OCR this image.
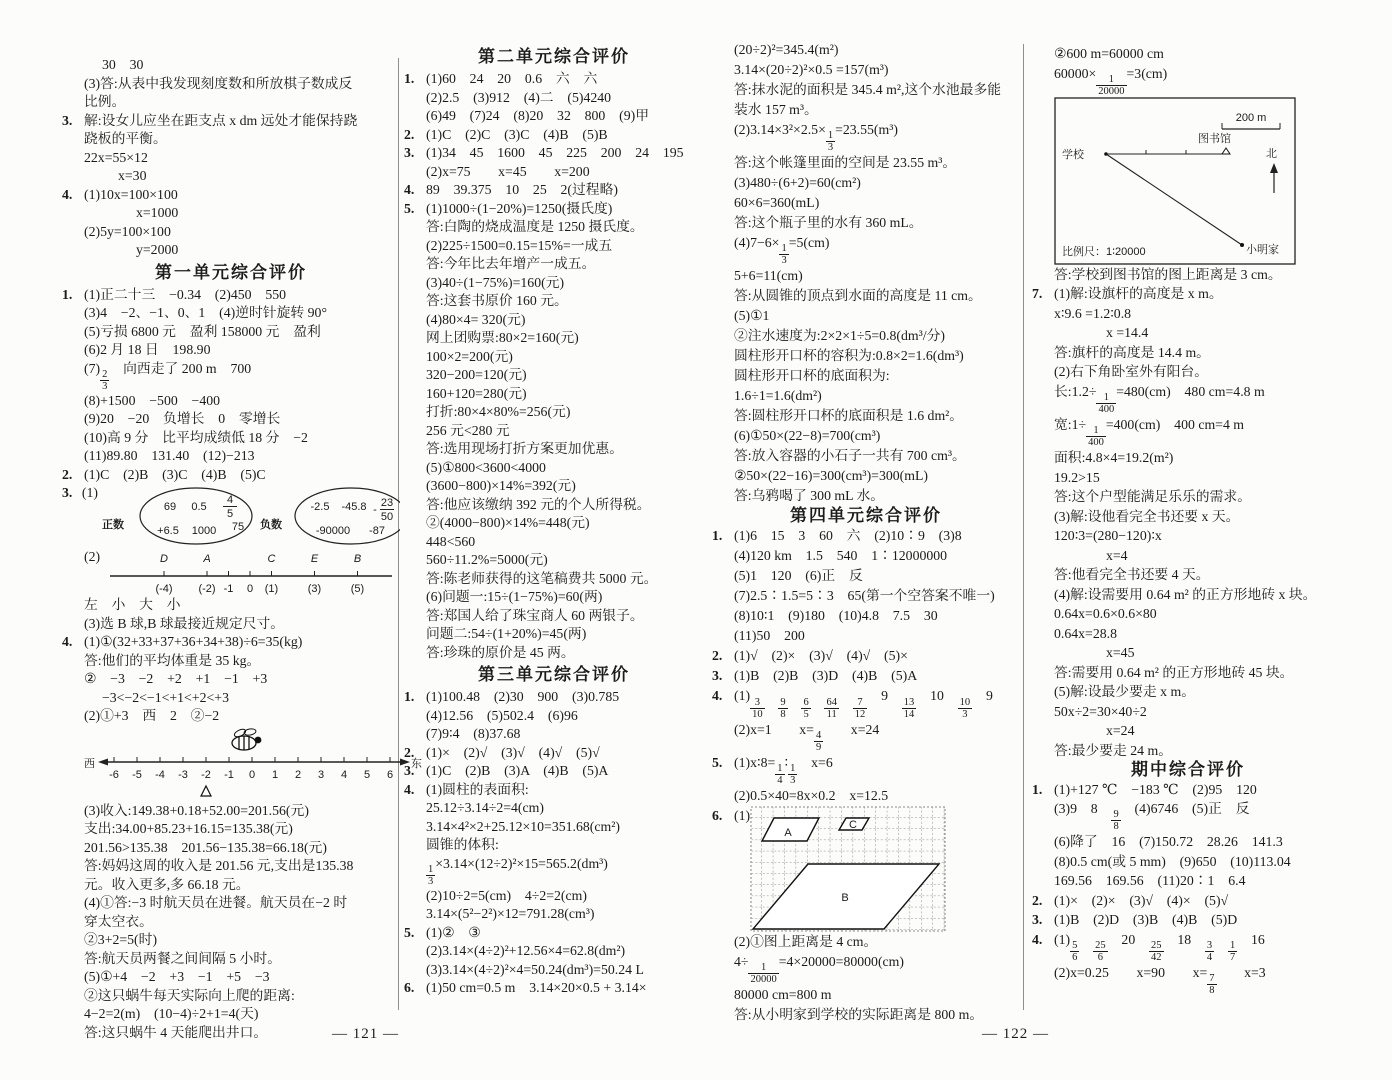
30　30
(3)答:从表中我发现刻度数和所放棋子数成反
比例。
3. 解:设女儿应坐在距支点 x dm 远处才能保持跷
跷板的平衡。
22x=55×12
x=30
4. (1)10x=100×100
x=1000
(2)5y=100×100
y=2000
第一单元综合评价
1. (1)正二十三　−0.34　(2)450　550
(3)4　−2、−1、0、1　(4)逆时针旋转 90°
(5)亏损 6800 元　盈利 158000 元　盈利
(6)2 月 18 日　198.90
(7)
$\frac{2}{3}$
　向西走了 200 m　700
(8)+1500　−500　−400
(9)20　−20　负增长　0　零增长
(10)高 9 分　比平均成绩低 18 分　−2
(11)89.80　131.40　(12)−213
2. (1)C　(2)B　(3)C　(4)B　(5)C
3. (1)
正数
69 0.5
4
5
+6.5 1000 75 负数
-2.5 -45.8 -
23
50
-90000 -87
(2)	D	A	C	E	B
(-4) (-2) -1 0 (1)	(3)	(5)
左　小　大　小
(3)选 B 球,B 球最接近规定尺寸。
4. (1)①(32+33+37+36+34+38)÷6=35(kg)
答:他们的平均体重是 35 kg。
②　−3　−2　+2　+1　−1　+3
−3<−2<−1<+1<+2<+3
(2)①+3　西　2　②−2
西	东
-6 -5 -4 -3 -2 -1 0 1 2 3 4 5 6
(3)收入:149.38+0.18+52.00=201.56(元)
支出:34.00+85.23+16.15=135.38(元)
201.56>135.38　201.56−135.38=66.18(元)
答:妈妈这周的收入是 201.56 元,支出是135.38
元。收入更多,多 66.18 元。
(4)①答:−3 时航天员在进餐。航天员在−2 时
穿太空衣。
②3+2=5(时)
答:航天员两餐之间间隔 5 小时。
(5)①+4　−2　+3　−1　+5　−3
②这只蜗牛每天实际向上爬的距离:
4−2=2(m)　(10−4)÷2+1=4(天)
答:这只蜗牛 4 天能爬出井口。
第二单元综合评价
1. (1)60　24　20　0.6　六　六
(2)2.5　(3)912　(4)二　(5)4240
(6)49　(7)24　(8)20　32　800　(9)甲
2. (1)C　(2)C　(3)C　(4)B　(5)B
3. (1)34　45　1600　45　225　200　24　195
(2)x=75　　x=45　　x=200
4. 89　39.375　10　25　2(过程略)
5. (1)1000÷(1−20%)=1250(摄氏度)
答:白陶的烧成温度是 1250 摄氏度。
(2)225÷1500=0.15=15%=一成五
答:今年比去年增产一成五。
(3)40÷(1−75%)=160(元)
答:这套书原价 160 元。
(4)80×4= 320(元)
网上团购票:80×2=160(元)
100×2=200(元)
320−200=120(元)
160+120=280(元)
打折:80×4×80%=256(元)
256 元<280 元
答:选用现场打折方案更加优惠。
(5)①800<3600<4000
(3600−800)×14%=392(元)
答:他应该缴纳 392 元的个人所得税。
②(4000−800)×14%=448(元)
448<560
560÷11.2%=5000(元)
答:陈老师获得的这笔稿费共 5000 元。
(6)问题一:15÷(1−75%)=60(两)
答:郑国人给了珠宝商人 60 两银子。
问题二:54÷(1+20%)=45(两)
答:珍珠的原价是 45 两。
第三单元综合评价
1. (1)100.48　(2)30　900　(3)0.785
(4)12.56　(5)502.4　(6)96
(7)9∶4　(8)37.68
2. (1)×　(2)√　(3)√　(4)√　(5)√
3. (1)C　(2)B　(3)A　(4)B　(5)A
4. (1)圆柱的表面积:
25.12÷3.14÷2=4(cm)
3.14×4²×2+25.12×10=351.68(cm²)
圆锥的体积:
$\frac{1}{3}$
×3.14×(12÷2)²×15=565.2(dm³)
(2)10÷2=5(cm)　4÷2=2(cm)
3.14×(5²−2²)×12=791.28(cm³)
5. (1)②　③
(2)3.14×(4÷2)²+12.56×4=62.8(dm²)
(3)3.14×(4÷2)²×4=50.24(dm³)=50.24 L
6. (1)50 cm=0.5 m　3.14×20×0.5 + 3.14×
(20÷2)²=345.4(m²)
3.14×(20÷2)²×0.5 =157(m³)
答:抹水泥的面积是 345.4 m²,这个水池最多能
装水 157 m³。
(2)3.14×3²×2.5×
$\frac{1}{3}$
=23.55(m³)
答:这个帐篷里面的空间是 23.55 m³。
(3)480÷(6+2)=60(cm²)
60×6=360(mL)
答:这个瓶子里的水有 360 mL。
(4)7−6×
$\frac{1}{3}$
=5(cm)
5+6=11(cm)
答:从圆锥的顶点到水面的高度是 11 cm。
(5)①1
②注水速度为:2×2×1÷5=0.8(dm³/分)
圆柱形开口杯的容积为:0.8×2=1.6(dm³)
圆柱形开口杯的底面积为:
1.6÷1=1.6(dm²)
答:圆柱形开口杯的底面积是 1.6 dm²。
(6)①50×(22−8)=700(cm³)
答:放入容器的小石子一共有 700 cm³。
②50×(22−16)=300(cm³)=300(mL)
答:乌鸦喝了 300 mL 水。
第四单元综合评价
1. (1)6　15　3　60　六　(2)10∶9　(3)8
(4)120 km　1.5　540　1∶12000000
(5)1　120　(6)正　反
(7)2.5∶1.5=5∶3　65(第一个空答案不唯一)
(8)10∶1　(9)180　(10)4.8　7.5　30
(11)50　200
2. (1)√　(2)×　(3)√　(4)√　(5)×
3. (1)B　(2)B　(3)D　(4)B　(5)A
4. (1)
$\frac{3}{10}$
　 $\frac{9}{8}$
　 $\frac{6}{5}$
　 $\frac{64}{11}$
　 $\frac{7}{12}$
　9　
$\frac{13}{14}$
　10　
$\frac{10}{3}$
　9
(2)x=1　　x=
$\frac{4}{9}$
　　x=24
5. (1)x∶8=
$\frac{1}{4}$
∶
$\frac{1}{3}$
　x=6
(2)0.5×40=8x×0.2　x=12.5
6. (1)
A
C
B
(2)①图上距离是 4 cm。
4÷
$\frac{1}{20000}$
=4×20000=80000(cm)
80000 cm=800 m
答:从小明家到学校的实际距离是 800 m。
②600 m=60000 cm
60000×
$\frac{1}{20000}$
=3(cm)
200 m
学校
图书馆
北
小明家
比例尺：1∶20000
答:学校到图书馆的图上距离是 3 cm。
7. (1)解:设旗杆的高度是 x m。
x∶9.6 =1.2∶0.8
x =14.4
答:旗杆的高度是 14.4 m。
(2)右下角卧室外有阳台。
长:1.2÷
$\frac{1}{400}$
=480(cm)　480 cm=4.8 m
宽:1÷
$\frac{1}{400}$
=400(cm)　400 cm=4 m
面积:4.8×4=19.2(m²)
19.2>15
答:这个户型能满足乐乐的需求。
(3)解:设他看完全书还要 x 天。
120∶3=(280−120)∶x
x=4
答:他看完全书还要 4 天。
(4)解:设需要用 0.64 m² 的正方形地砖 x 块。
0.64x=0.6×0.6×80
0.64x=28.8
x=45
答:需要用 0.64 m² 的正方形地砖 45 块。
(5)解:设最少要走 x m。
50x÷2=30×40÷2
x=24
答:最少要走 24 m。
期中综合评价
1. (1)+127 ℃　−183 ℃　(2)95　120
(3)9　8　
$\frac{9}{8}$
　(4)6746　(5)正　反
(6)降了　16　(7)150.72　28.26　141.3
(8)0.5 cm(或 5 mm)　(9)650　(10)113.04
169.56　169.56　(11)20∶1　6.4
2. (1)×　(2)×　(3)√　(4)×　(5)√
3. (1)B　(2)D　(3)B　(4)B　(5)D
4. (1)
$\frac{5}{6}$
　 $\frac{25}{6}$
　20　
$\frac{25}{42}$
　18　
$\frac{3}{4}$
　 $\frac{1}{7}$
　16
(2)x=0.25　　x=90　　x=
$\frac{7}{8}$
　　x=3
— 121 —	— 122 —
